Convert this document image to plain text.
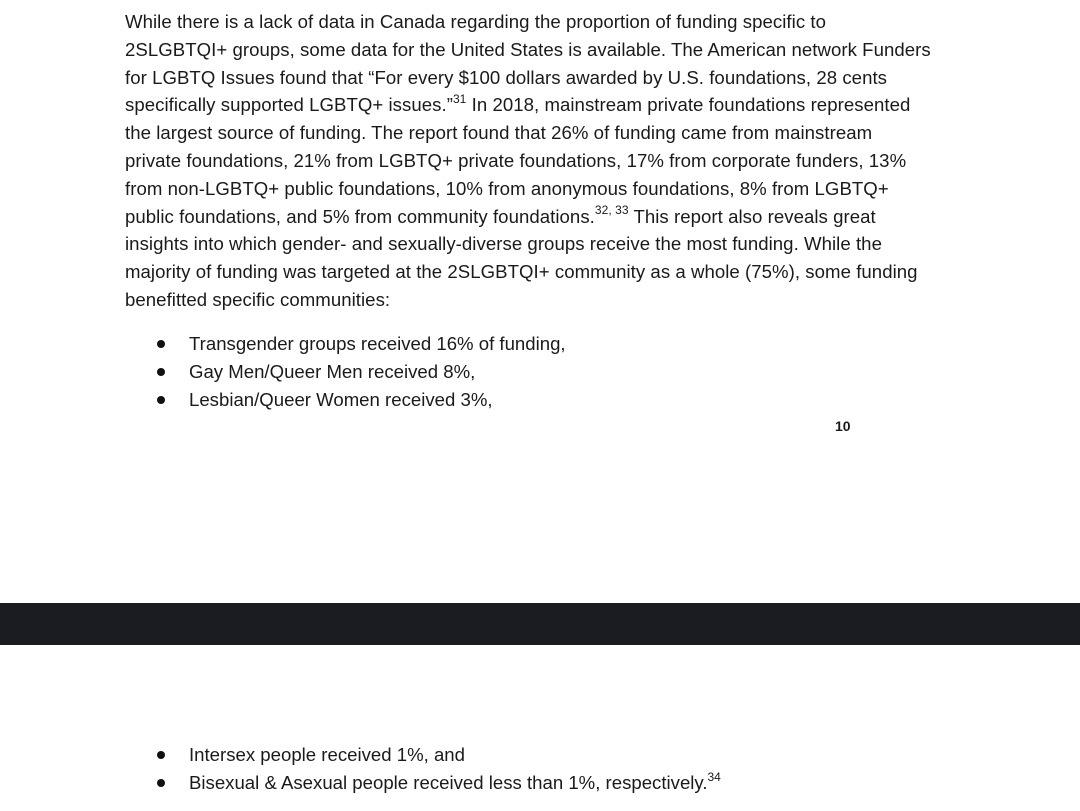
While there is a lack of data in Canada regarding the proportion of funding specific to
2SLGBTQI+ groups, some data for the United States is available. The American network Funders
for LGBTQ Issues found that “For every $100 dollars awarded by U.S. foundations, 28 cents
specifically supported LGBTQ+ issues.”$^{31}$ In 2018, mainstream private foundations represented
the largest source of funding. The report found that 26% of funding came from mainstream
private foundations, 21% from LGBTQ+ private foundations, 17% from corporate funders, 13%
from non-LGBTQ+ public foundations, 10% from anonymous foundations, 8% from LGBTQ+
public foundations, and 5% from community foundations.$^{32, 33}$ This report also reveals great
insights into which gender- and sexually-diverse groups receive the most funding. While the
majority of funding was targeted at the 2SLGBTQI+ community as a whole (75%), some funding
benefitted specific communities:

Transgender groups received 16% of funding,
Gay Men/Queer Men received 8%,
Lesbian/Queer Women received 3%,
10
Intersex people received 1%, and
Bisexual & Asexual people received less than 1%, respectively.$^{34}$
